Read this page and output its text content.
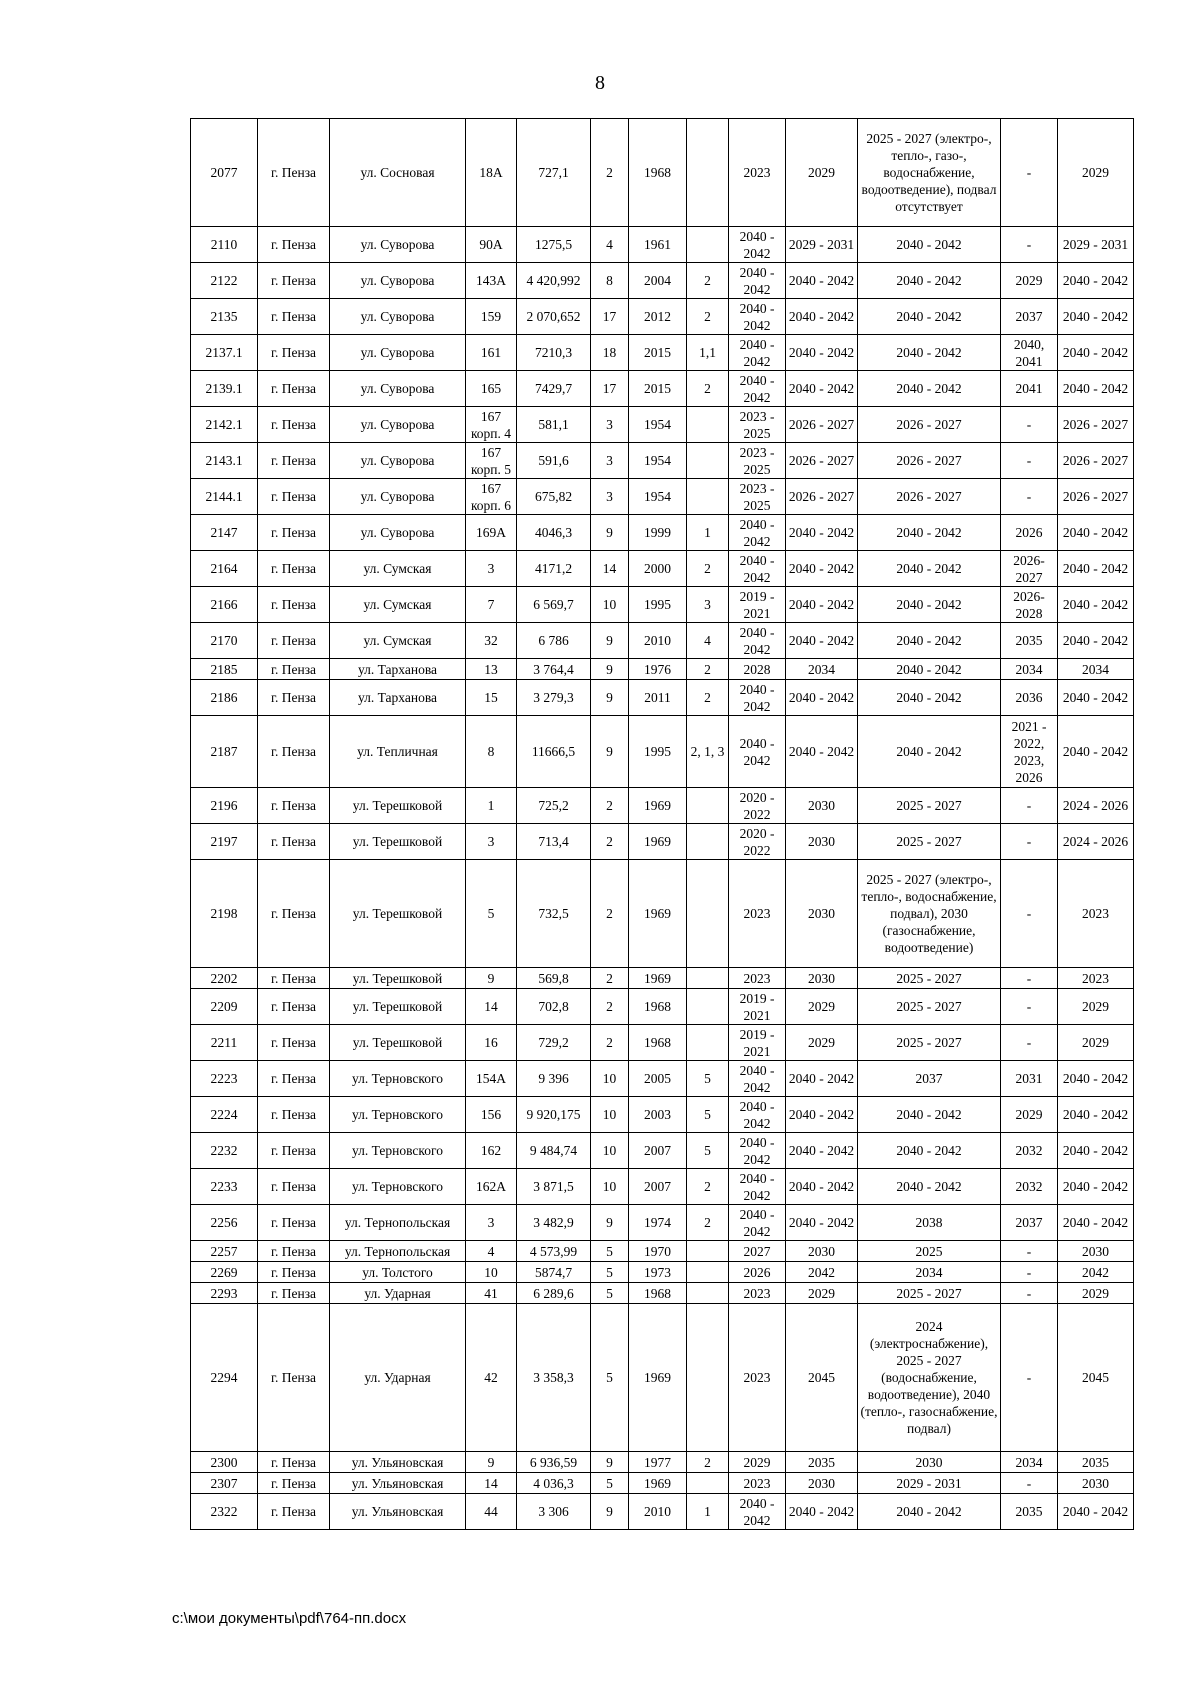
8
2077	г. Пенза	ул. Сосновая	18А	727,1	2	1968		2023	2029	2025 - 2027 (электро-, тепло-, газо-, водоснабжение, водоотведение), подвал отсутствует	-	2029
2110	г. Пенза	ул. Суворова	90А	1275,5	4	1961		2040 - 2042	2029 - 2031	2040 - 2042	-	2029 - 2031
2122	г. Пенза	ул. Суворова	143А	4 420,992	8	2004	2	2040 - 2042	2040 - 2042	2040 - 2042	2029	2040 - 2042
2135	г. Пенза	ул. Суворова	159	2 070,652	17	2012	2	2040 - 2042	2040 - 2042	2040 - 2042	2037	2040 - 2042
2137.1	г. Пенза	ул. Суворова	161	7210,3	18	2015	1,1	2040 - 2042	2040 - 2042	2040 - 2042	2040, 2041	2040 - 2042
2139.1	г. Пенза	ул. Суворова	165	7429,7	17	2015	2	2040 - 2042	2040 - 2042	2040 - 2042	2041	2040 - 2042
2142.1	г. Пенза	ул. Суворова	167 корп. 4	581,1	3	1954		2023 - 2025	2026 - 2027	2026 - 2027	-	2026 - 2027
2143.1	г. Пенза	ул. Суворова	167 корп. 5	591,6	3	1954		2023 - 2025	2026 - 2027	2026 - 2027	-	2026 - 2027
2144.1	г. Пенза	ул. Суворова	167 корп. 6	675,82	3	1954		2023 - 2025	2026 - 2027	2026 - 2027	-	2026 - 2027
2147	г. Пенза	ул. Суворова	169А	4046,3	9	1999	1	2040 - 2042	2040 - 2042	2040 - 2042	2026	2040 - 2042
2164	г. Пенза	ул. Сумская	3	4171,2	14	2000	2	2040 - 2042	2040 - 2042	2040 - 2042	2026- 2027	2040 - 2042
2166	г. Пенза	ул. Сумская	7	6 569,7	10	1995	3	2019 - 2021	2040 - 2042	2040 - 2042	2026- 2028	2040 - 2042
2170	г. Пенза	ул. Сумская	32	6 786	9	2010	4	2040 - 2042	2040 - 2042	2040 - 2042	2035	2040 - 2042
2185	г. Пенза	ул. Тарханова	13	3 764,4	9	1976	2	2028	2034	2040 - 2042	2034	2034
2186	г. Пенза	ул. Тарханова	15	3 279,3	9	2011	2	2040 - 2042	2040 - 2042	2040 - 2042	2036	2040 - 2042
2187	г. Пенза	ул. Тепличная	8	11666,5	9	1995	2, 1, 3	2040 - 2042	2040 - 2042	2040 - 2042	2021 - 2022, 2023, 2026	2040 - 2042
2196	г. Пенза	ул. Терешковой	1	725,2	2	1969		2020 - 2022	2030	2025 - 2027	-	2024 - 2026
2197	г. Пенза	ул. Терешковой	3	713,4	2	1969		2020 - 2022	2030	2025 - 2027	-	2024 - 2026
2198	г. Пенза	ул. Терешковой	5	732,5	2	1969		2023	2030	2025 - 2027 (электро-, тепло-, водоснабжение, подвал), 2030 (газоснабжение, водоотведение)	-	2023
2202	г. Пенза	ул. Терешковой	9	569,8	2	1969		2023	2030	2025 - 2027	-	2023
2209	г. Пенза	ул. Терешковой	14	702,8	2	1968		2019 - 2021	2029	2025 - 2027	-	2029
2211	г. Пенза	ул. Терешковой	16	729,2	2	1968		2019 - 2021	2029	2025 - 2027	-	2029
2223	г. Пенза	ул. Терновского	154А	9 396	10	2005	5	2040 - 2042	2040 - 2042	2037	2031	2040 - 2042
2224	г. Пенза	ул. Терновского	156	9 920,175	10	2003	5	2040 - 2042	2040 - 2042	2040 - 2042	2029	2040 - 2042
2232	г. Пенза	ул. Терновского	162	9 484,74	10	2007	5	2040 - 2042	2040 - 2042	2040 - 2042	2032	2040 - 2042
2233	г. Пенза	ул. Терновского	162А	3 871,5	10	2007	2	2040 - 2042	2040 - 2042	2040 - 2042	2032	2040 - 2042
2256	г. Пенза	ул. Тернопольская	3	3 482,9	9	1974	2	2040 - 2042	2040 - 2042	2038	2037	2040 - 2042
2257	г. Пенза	ул. Тернопольская	4	4 573,99	5	1970		2027	2030	2025	-	2030
2269	г. Пенза	ул. Толстого	10	5874,7	5	1973		2026	2042	2034	-	2042
2293	г. Пенза	ул. Ударная	41	6 289,6	5	1968		2023	2029	2025 - 2027	-	2029
2294	г. Пенза	ул. Ударная	42	3 358,3	5	1969		2023	2045	2024 (электроснабжение), 2025 - 2027 (водоснабжение, водоотведение), 2040 (тепло-, газоснабжение, подвал)	-	2045
2300	г. Пенза	ул. Ульяновская	9	6 936,59	9	1977	2	2029	2035	2030	2034	2035
2307	г. Пенза	ул. Ульяновская	14	4 036,3	5	1969		2023	2030	2029 - 2031	-	2030
2322	г. Пенза	ул. Ульяновская	44	3 306	9	2010	1	2040 - 2042	2040 - 2042	2040 - 2042	2035	2040 - 2042
c:\мои документы\pdf\764-пп.docx
